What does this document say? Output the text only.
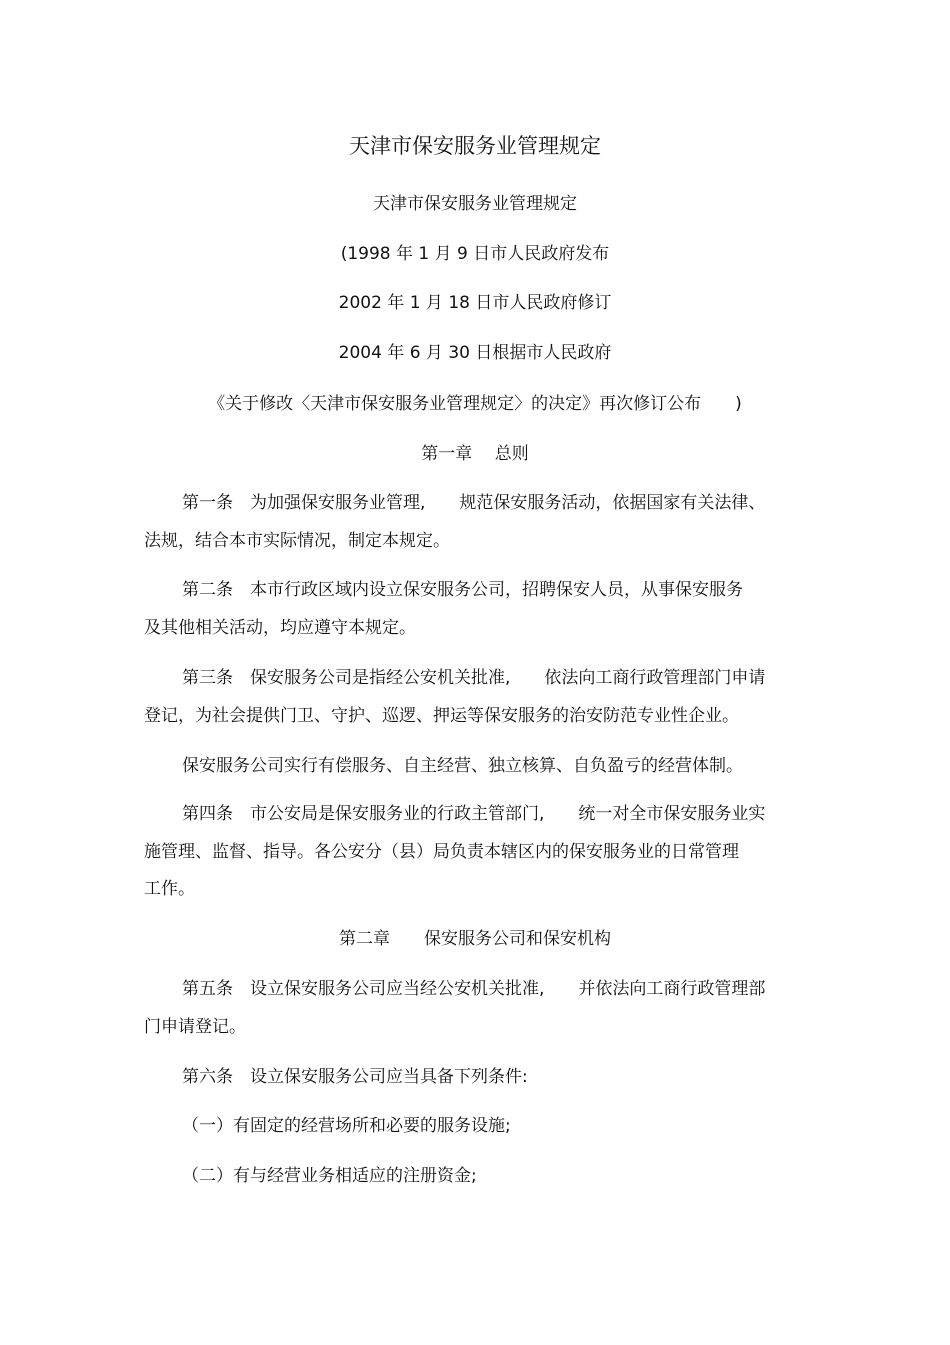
天津市保安服务业管理规定
天津市保安服务业管理规定
(1998 年 1 月 9 日市人民政府发布
2002 年 1 月 18 日市人民政府修订
2004 年 6 月 30 日根据市人民政府
《关于修改〈天津市保安服务业管理规定〉的决定》再次修订公布　　)
第一章　 总则
第一条　为加强保安服务业管理,　　规范保安服务活动，依据国家有关法律、
法规，结合本市实际情况，制定本规定。
第二条　本市行政区域内设立保安服务公司，招聘保安人员，从事保安服务
及其他相关活动，均应遵守本规定。
第三条　保安服务公司是指经公安机关批准,　　依法向工商行政管理部门申请
登记，为社会提供门卫、守护、巡逻、押运等保安服务的治安防范专业性企业。
保安服务公司实行有偿服务、自主经营、独立核算、自负盈亏的经营体制。
第四条　市公安局是保安服务业的行政主管部门,　　统一对全市保安服务业实
施管理、监督、指导。各公安分（县）局负责本辖区内的保安服务业的日常管理
工作。
第二章　　保安服务公司和保安机构
第五条　设立保安服务公司应当经公安机关批准,　　并依法向工商行政管理部
门申请登记。
第六条　设立保安服务公司应当具备下列条件:
（一）有固定的经营场所和必要的服务设施;
（二）有与经营业务相适应的注册资金;
